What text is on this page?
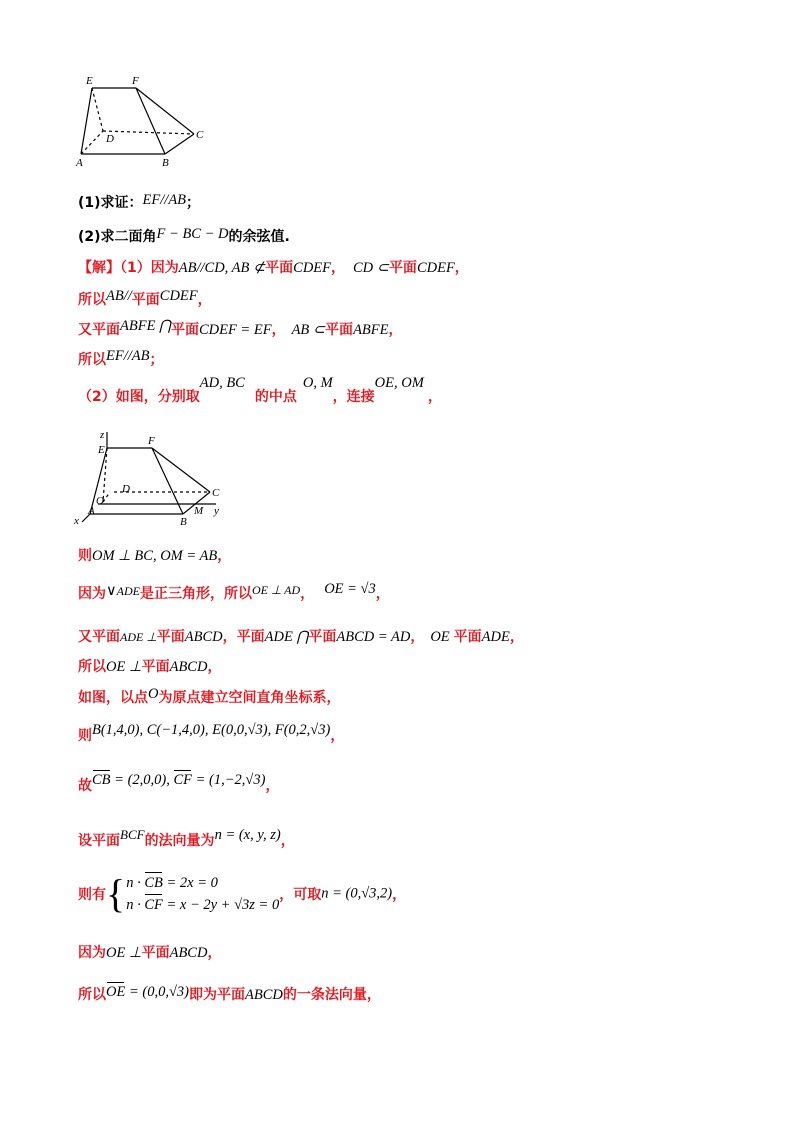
E	F
D	C
A	B
(1)求证：EF//AB；
(2)求二面角F − BC − D的余弦值.
【解】（1）因为AB//CD, AB ⊄平面CDEF， CD ⊂平面CDEF，
所以AB//平面CDEF，
又平面ABFE ⋂平面CDEF = EF， AB ⊂平面ABFE，
所以EF//AB；
（2）如图，分别取AD, BC的中点O, M，连接OE, OM，
z
E
F
D	C
O
A	M
B
x
y
则OM ⊥ BC, OM = AB，
因为∨ADE是正三角形，所以OE ⊥ AD， OE = √3，
又平面ADE ⊥平面ABCD，平面ADE ⋂平面ABCD = AD， OE 平面ADE，
所以OE ⊥平面ABCD，
如图，以点O为原点建立空间直角坐标系，
则B(1,4,0), C(−1,4,0), E(0,0,√3), F(0,2,√3)，
故CB = (2,0,0), CF = (1,−2,√3)，
设平面BCF的法向量为n = (x, y, z)，
则有{n · CB = 2x = 0
n · CF = x − 2y + √3z = 0，可取n = (0,√3,2)，
因为OE ⊥平面ABCD，
所以OE = (0,0,√3)即为平面ABCD的一条法向量，
